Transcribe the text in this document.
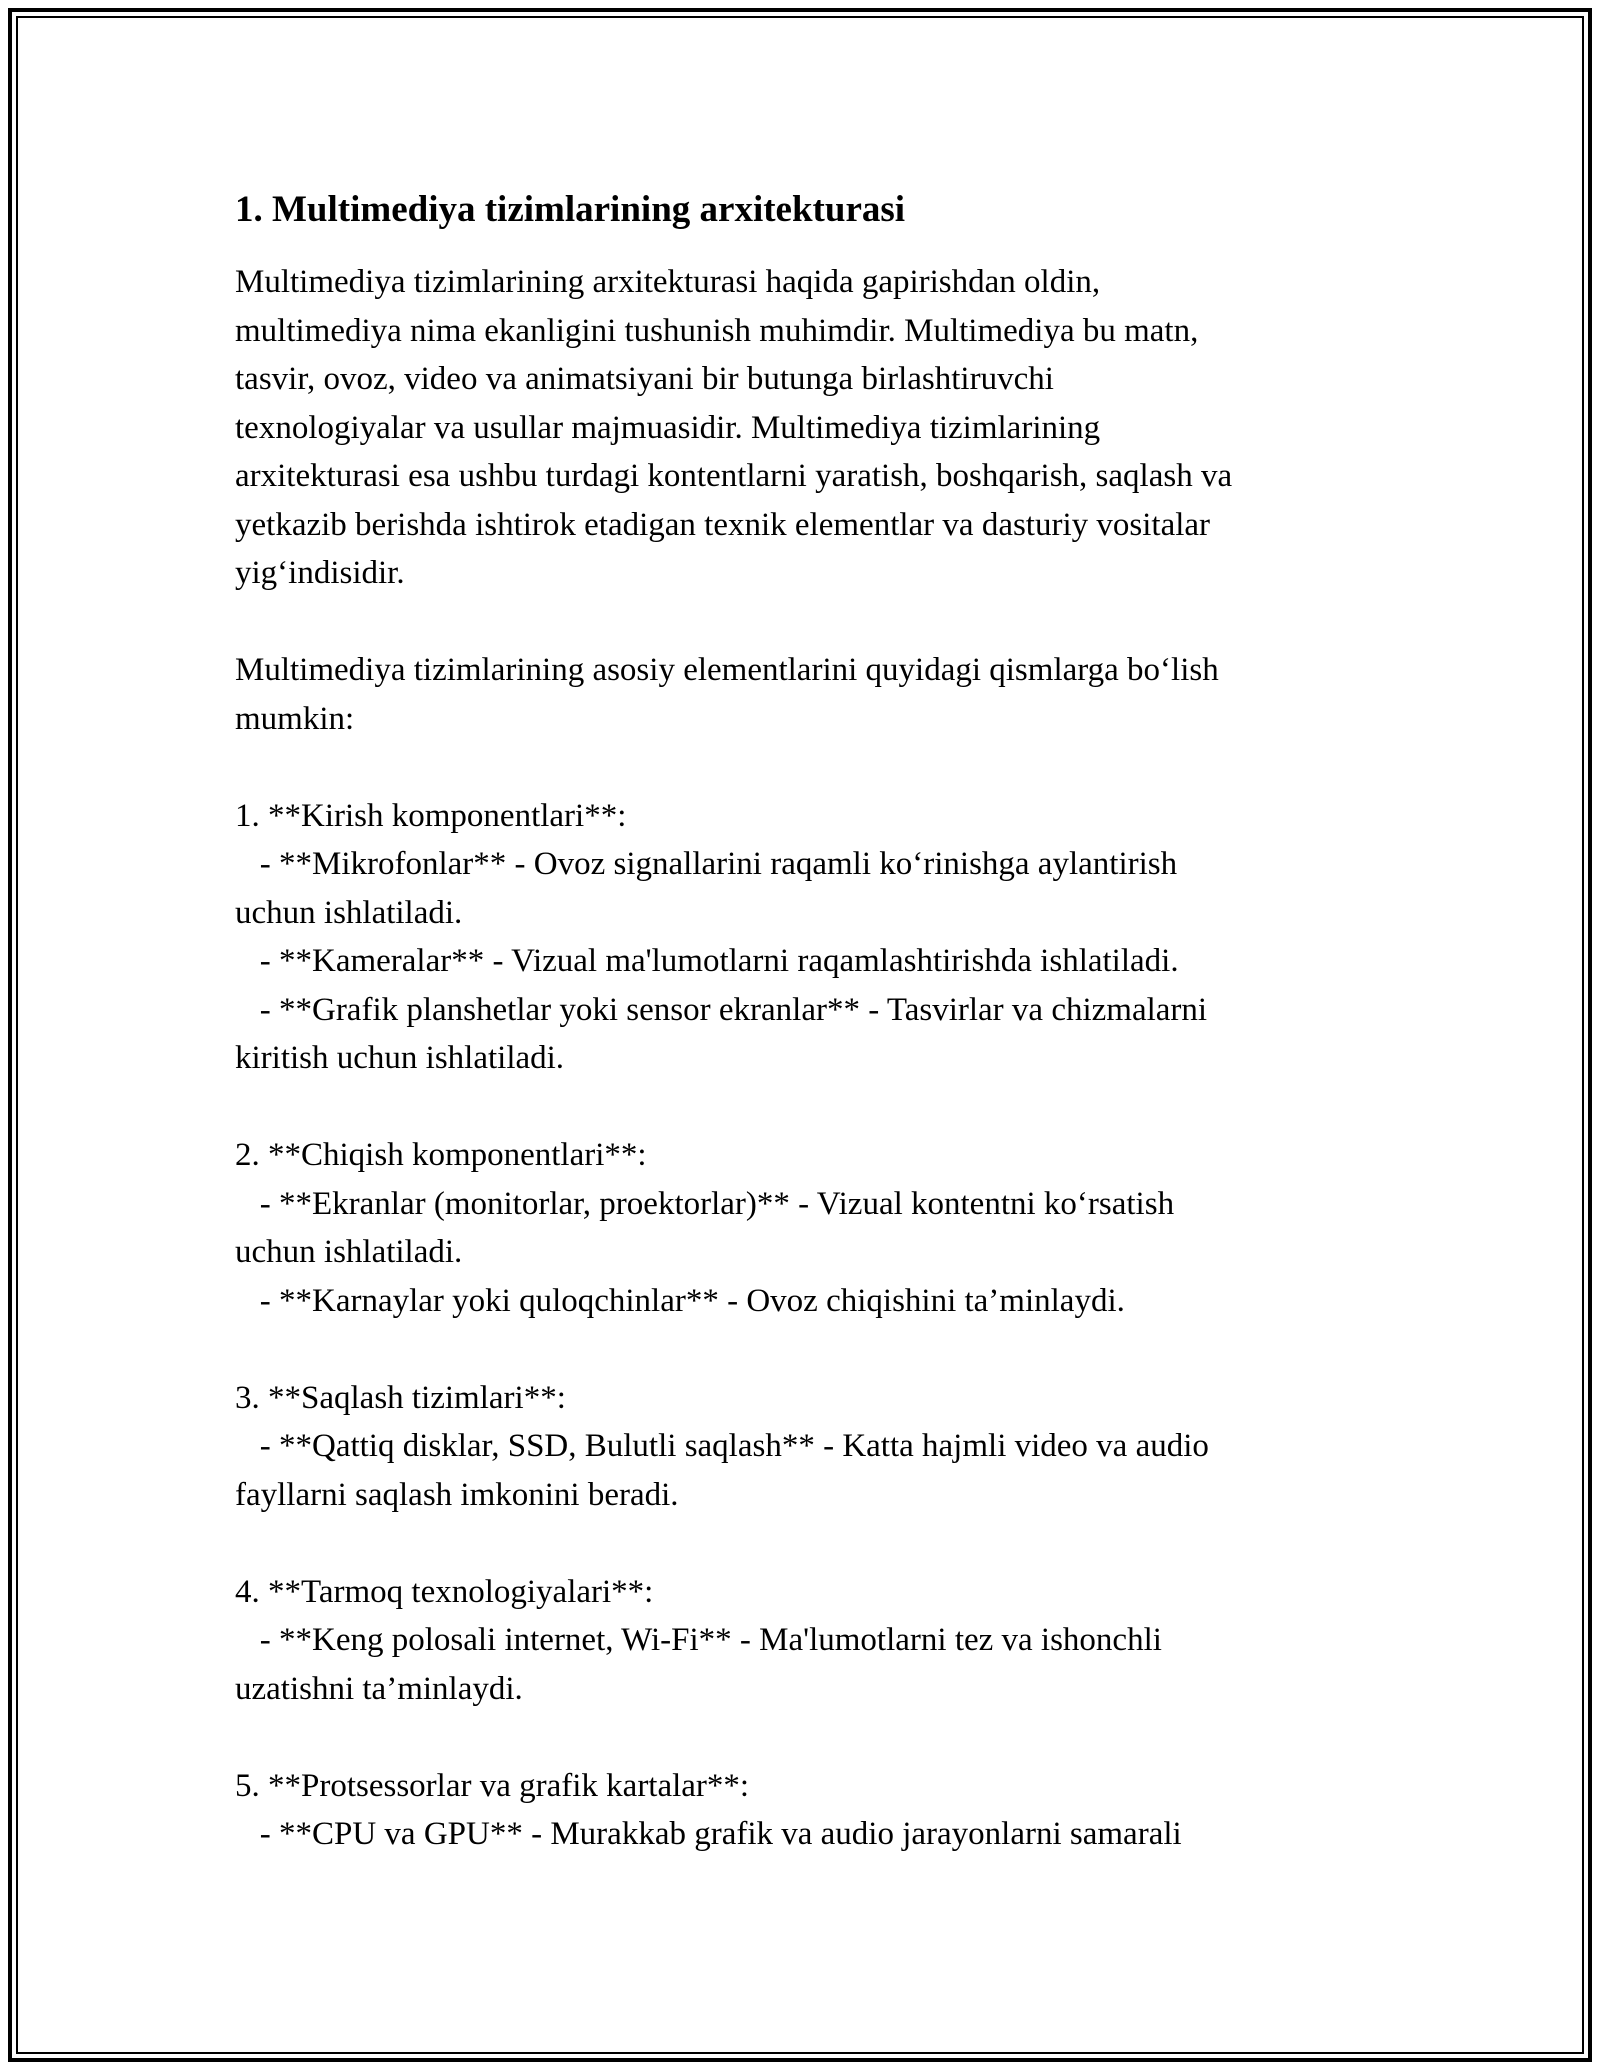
1. Multimediya tizimlarining arxitekturasi
Multimediya tizimlarining arxitekturasi haqida gapirishdan oldin,
multimediya nima ekanligini tushunish muhimdir. Multimediya bu matn,
tasvir, ovoz, video va animatsiyani bir butunga birlashtiruvchi
texnologiyalar va usullar majmuasidir. Multimediya tizimlarining
arxitekturasi esa ushbu turdagi kontentlarni yaratish, boshqarish, saqlash va
yetkazib berishda ishtirok etadigan texnik elementlar va dasturiy vositalar
yig‘indisidir.
Multimediya tizimlarining asosiy elementlarini quyidagi qismlarga bo‘lish
mumkin:
1. **Kirish komponentlari**:
- **Mikrofonlar** - Ovoz signallarini raqamli ko‘rinishga aylantirish
uchun ishlatiladi.
- **Kameralar** - Vizual ma'lumotlarni raqamlashtirishda ishlatiladi.
- **Grafik planshetlar yoki sensor ekranlar** - Tasvirlar va chizmalarni
kiritish uchun ishlatiladi.
2. **Chiqish komponentlari**:
- **Ekranlar (monitorlar, proektorlar)** - Vizual kontentni ko‘rsatish
uchun ishlatiladi.
- **Karnaylar yoki quloqchinlar** - Ovoz chiqishini ta’minlaydi.
3. **Saqlash tizimlari**:
- **Qattiq disklar, SSD, Bulutli saqlash** - Katta hajmli video va audio
fayllarni saqlash imkonini beradi.
4. **Tarmoq texnologiyalari**:
- **Keng polosali internet, Wi-Fi** - Ma'lumotlarni tez va ishonchli
uzatishni ta’minlaydi.
5. **Protsessorlar va grafik kartalar**:
- **CPU va GPU** - Murakkab grafik va audio jarayonlarni samarali
